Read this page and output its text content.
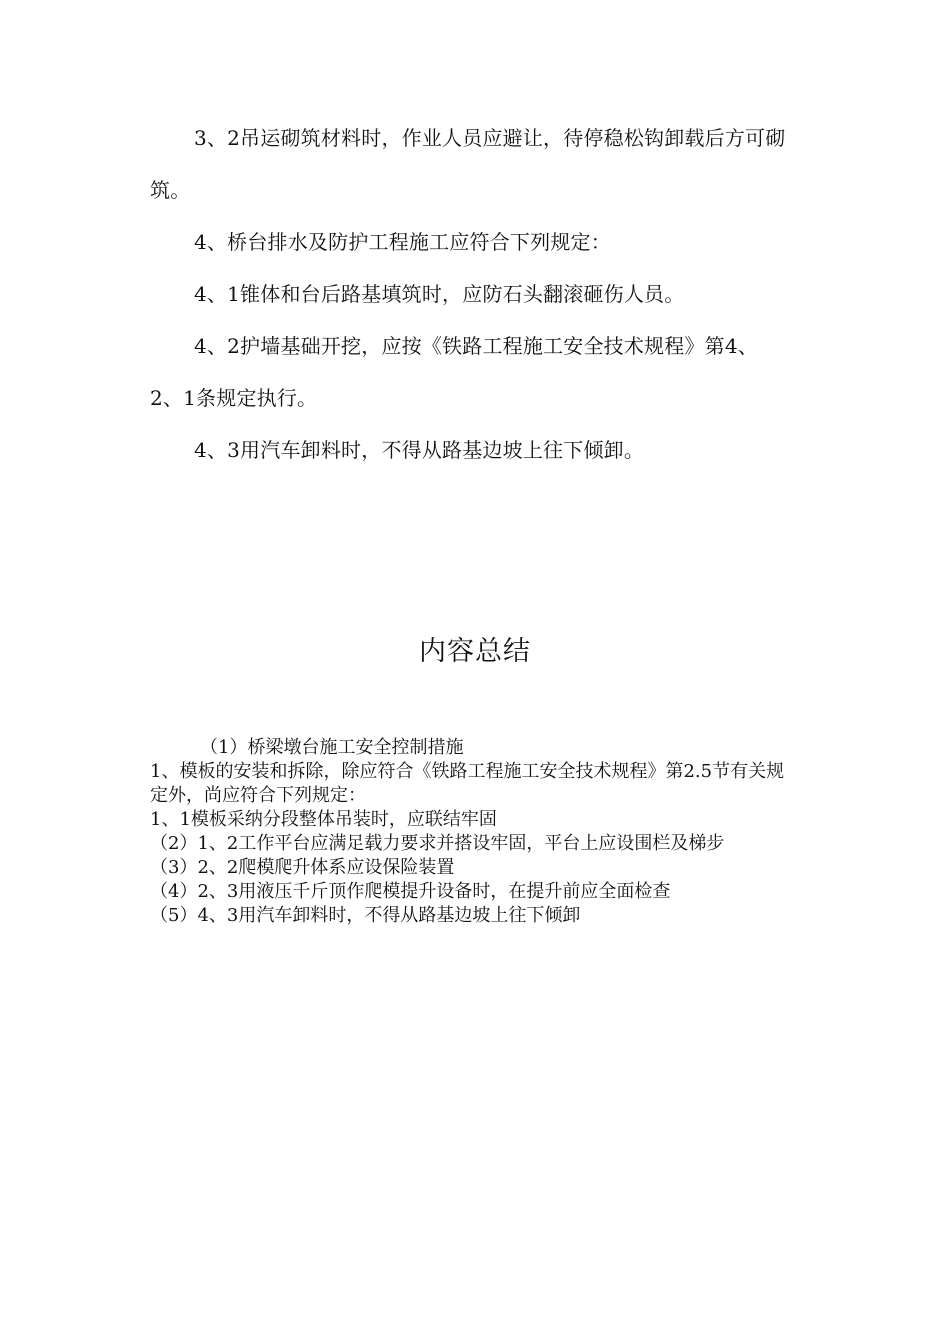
3、2吊运砌筑材料时，作业人员应避让，待停稳松钩卸载后方可砌筑。

4、桥台排水及防护工程施工应符合下列规定：

4、1锥体和台后路基填筑时，应防石头翻滚砸伤人员。

4、2护墙基础开挖，应按《铁路工程施工安全技术规程》第4、2、1条规定执行。

4、3用汽车卸料时，不得从路基边坡上往下倾卸。

内容总结

（1）桥梁墩台施工安全控制措施

1、模板的安装和拆除，除应符合《铁路工程施工安全技术规程》第2.5节有关规定外，尚应符合下列规定：

1、1模板采纳分段整体吊装时，应联结牢固

（2）1、2工作平台应满足载力要求并搭设牢固，平台上应设围栏及梯步

（3）2、2爬模爬升体系应设保险装置

（4）2、3用液压千斤顶作爬模提升设备时，在提升前应全面检查

（5）4、3用汽车卸料时，不得从路基边坡上往下倾卸
